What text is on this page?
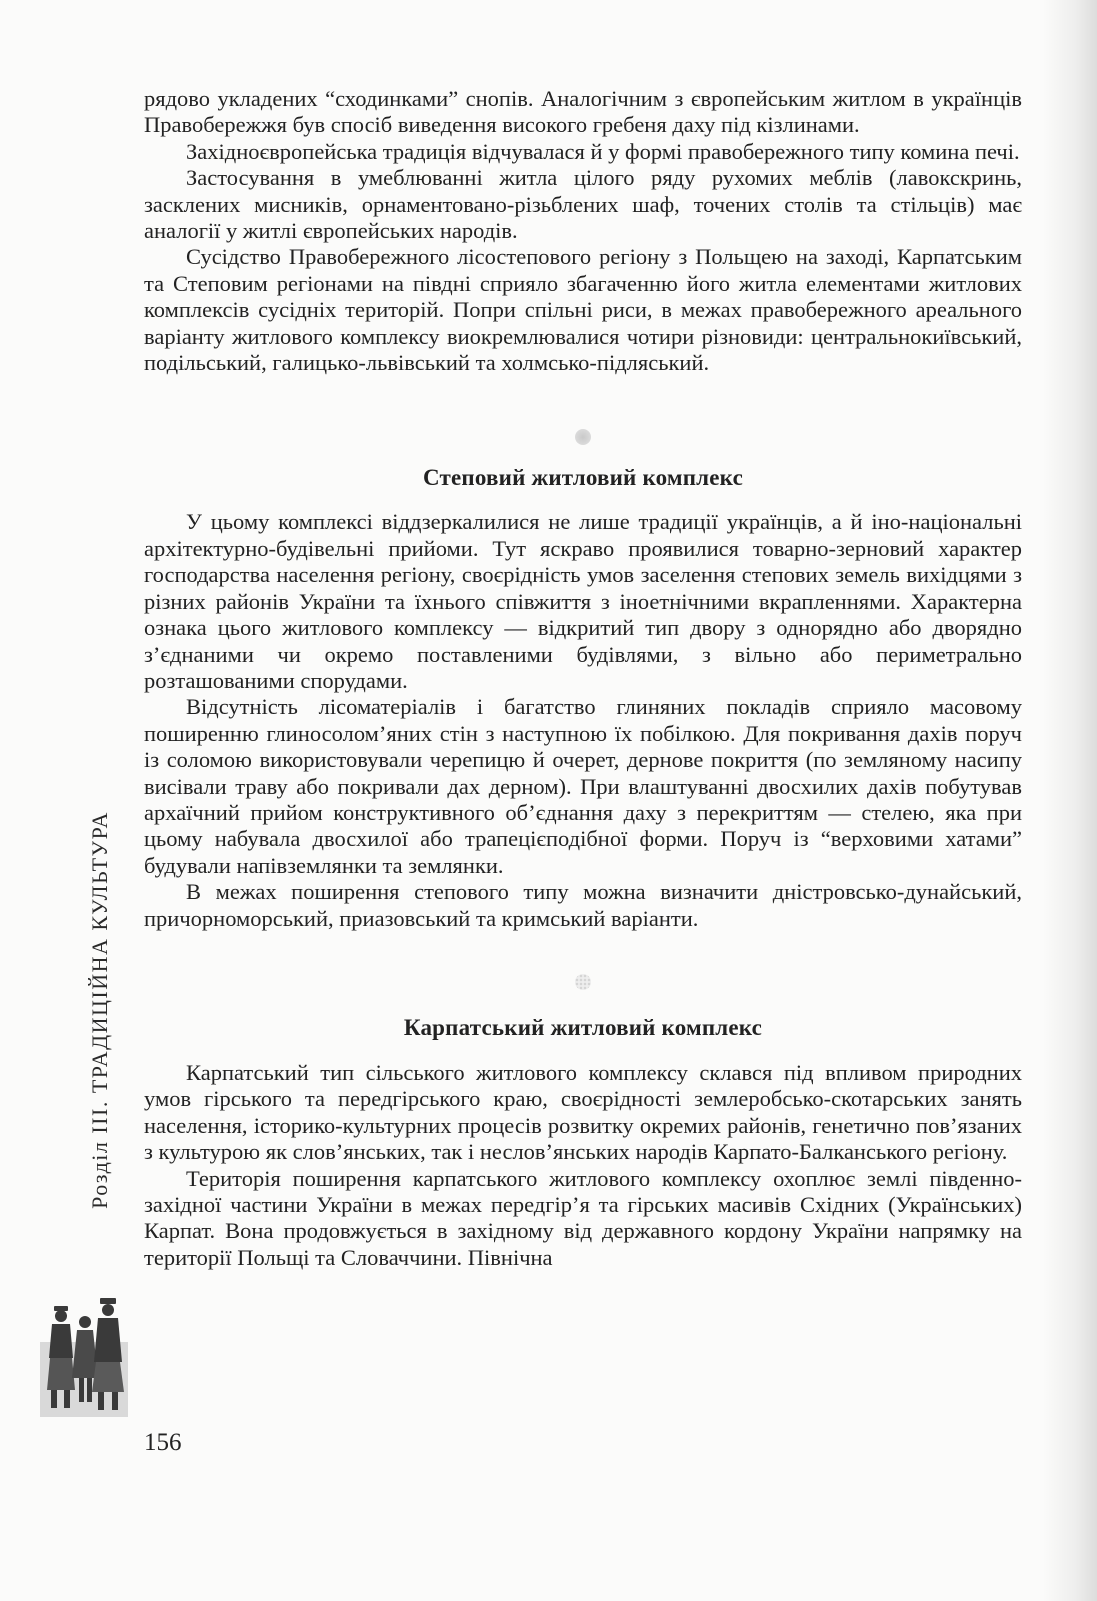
рядово укладених “сходинками” снопів. Аналогічним з європейським житлом в українців Правобережжя був спосіб виведення високого гребеня даху під кізлинами.

Західноєвропейська традиція відчувалася й у формі правобережного типу комина печі.

Застосування в умеблюванні житла цілого ряду рухомих меблів (лавокскринь, засклених мисників, орнаментовано-різьблених шаф, точених столів та стільців) має аналогії у житлі європейських народів.

Сусідство Правобережного лісостепового регіону з Польщею на заході, Карпатським та Степовим регіонами на півдні сприяло збагаченню його житла елементами житлових комплексів сусідніх територій. Попри спільні риси, в межах правобережного ареального варіанту житлового комплексу виокремлювалися чотири різновиди: центральнокиївський, подільський, галицько-львівський та холмсько-підляський.

Степовий житловий комплекс

У цьому комплексі віддзеркалилися не лише традиції українців, а й іно-національні архітектурно-будівельні прийоми. Тут яскраво проявилися товарно-зерновий характер господарства населення регіону, своєрідність умов заселення степових земель вихідцями з різних районів України та їхнього співжиття з іноетнічними вкрапленнями. Характерна ознака цього житлового комплексу — відкритий тип двору з однорядно або дворядно з’єднаними чи окремо поставленими будівлями, з вільно або периметрально розташованими спорудами.

Відсутність лісоматеріалів і багатство глиняних покладів сприяло масовому поширенню глиносолом’яних стін з наступною їх побілкою. Для покривання дахів поруч із соломою використовували черепицю й очерет, дернове покриття (по земляному насипу висівали траву або покривали дах дерном). При влаштуванні двосхилих дахів побутував архаїчний прийом конструктивного об’єднання даху з перекриттям — стелею, яка при цьому набувала двосхилої або трапецієподібної форми. Поруч із “верховими хатами” будували напівземлянки та землянки.

В межах поширення степового типу можна визначити дністровсько-дунайський, причорноморський, приазовський та кримський варіанти.

Карпатський житловий комплекс

Карпатський тип сільського житлового комплексу склався під впливом природних умов гірського та передгірського краю, своєрідності землеробсько-скотарських занять населення, історико-культурних процесів розвитку окремих районів, генетично пов’язаних з культурою як слов’янських, так і неслов’янських народів Карпато-Балканського регіону.

Територія поширення карпатського житлового комплексу охоплює землі південно-західної частини України в межах передгір’я та гірських масивів Східних (Українських) Карпат. Вона продовжується в західному від державного кордону України напрямку на території Польщі та Словаччини. Північна

Розділ III. ТРАДИЦІЙНА КУЛЬТУРА
156
